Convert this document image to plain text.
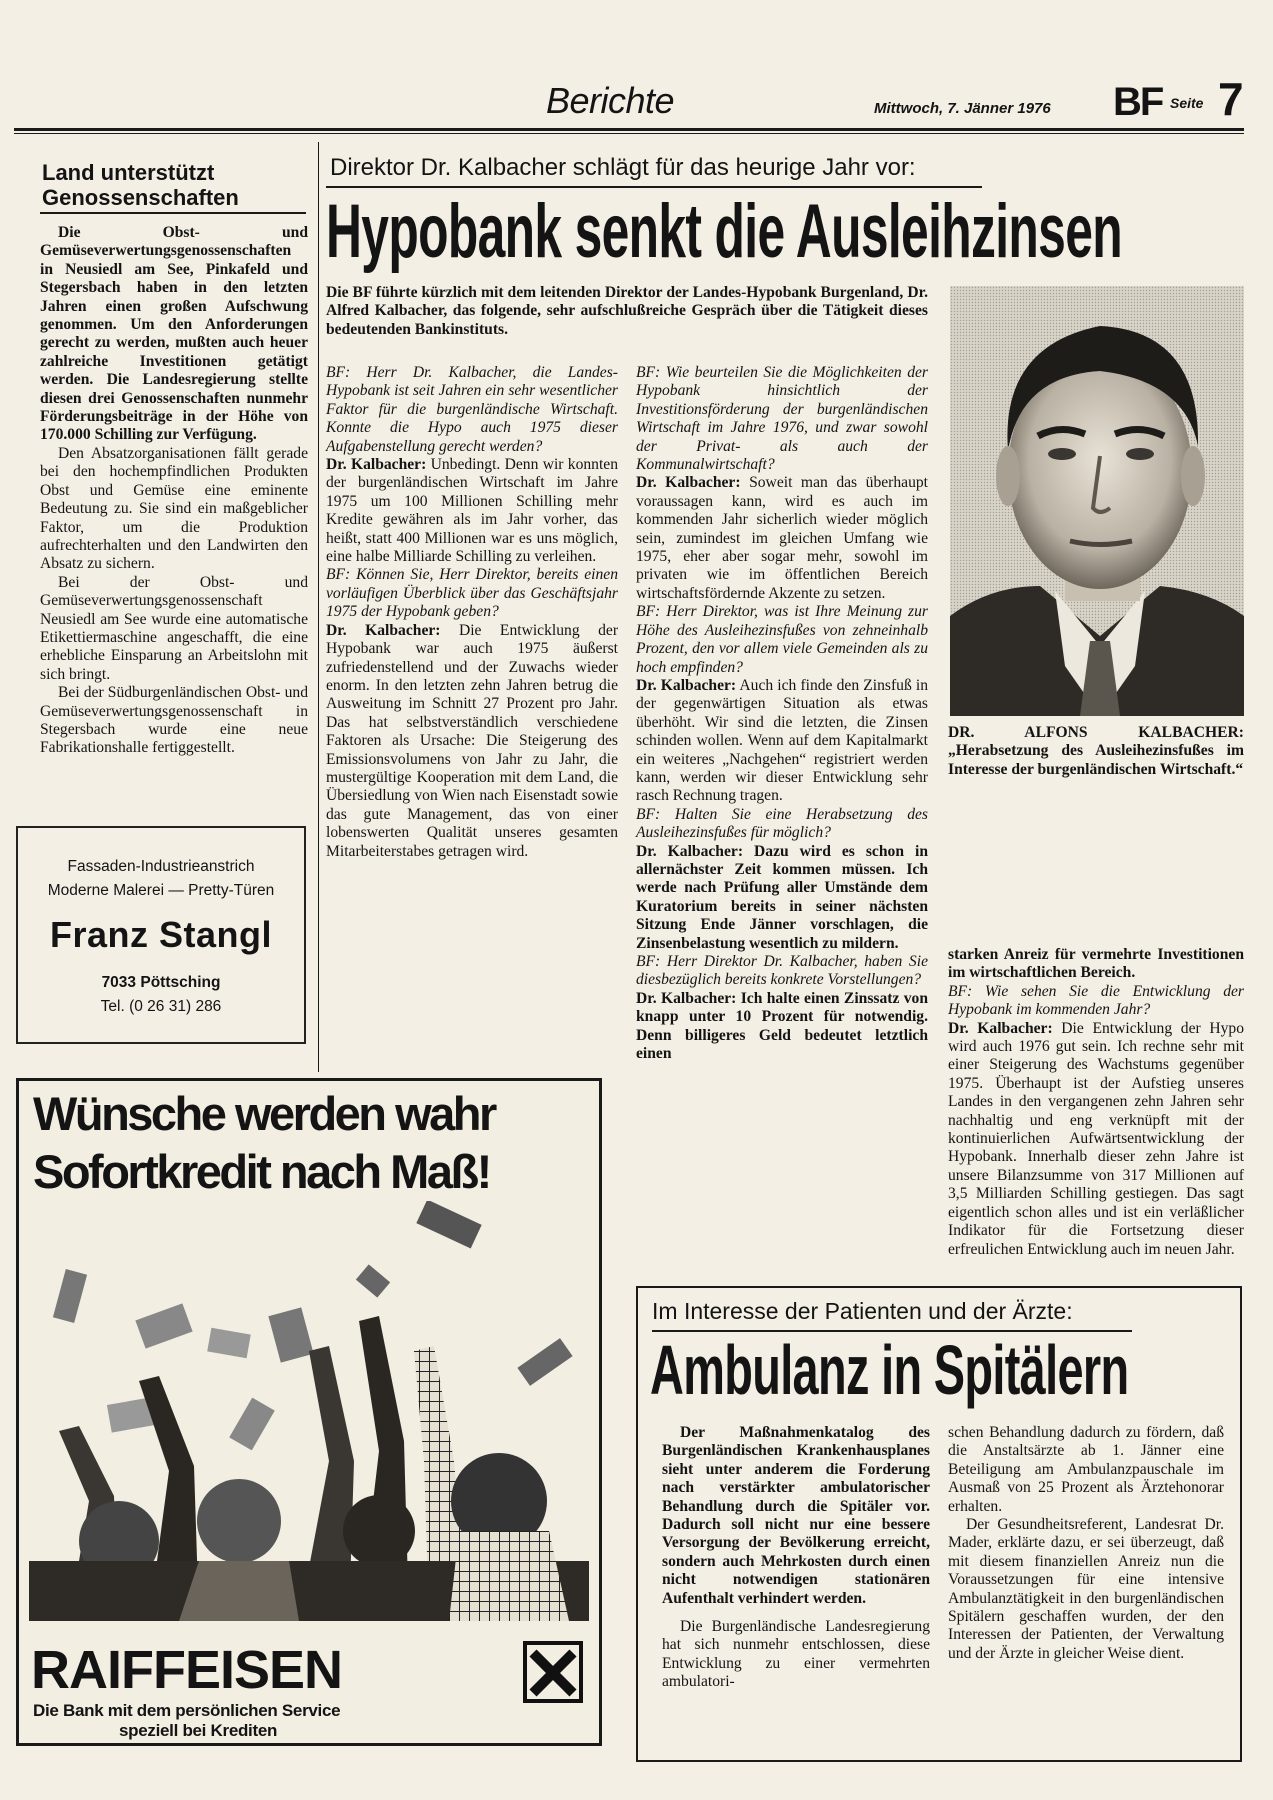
Berichte	Mittwoch, 7. Jänner 1976 BF Seite 7
Land unterstützt
Genossenschaften

Die Obst- und Gemüseverwertungsgenossenschaften in Neusiedl am See, Pinkafeld und Stegersbach haben in den letzten Jahren einen großen Aufschwung genommen. Um den Anforderungen gerecht zu werden, mußten auch heuer zahlreiche Investitionen getätigt werden. Die Landesregierung stellte diesen drei Genossenschaften nunmehr Förderungsbeiträge in der Höhe von 170.000 Schilling zur Verfügung.

Den Absatzorganisationen fällt gerade bei den hochempfindlichen Produkten Obst und Gemüse eine eminente Bedeutung zu. Sie sind ein maßgeblicher Faktor, um die Produktion aufrechterhalten und den Landwirten den Absatz zu sichern.

Bei der Obst- und Gemüseverwertungsgenossenschaft Neusiedl am See wurde eine automatische Etikettiermaschine angeschafft, die eine erhebliche Einsparung an Arbeitslohn mit sich bringt.

Bei der Südburgenländischen Obst- und Gemüseverwertungsgenossenschaft in Stegersbach wurde eine neue Fabrikationshalle fertiggestellt.

Fassaden-Industrieanstrich
Moderne Malerei — Pretty-Türen
Franz Stangl
7033 Pöttsching
Tel. (0 26 31) 286
Direktor Dr. Kalbacher schlägt für das heurige Jahr vor:
Hypobank senkt die Ausleihzinsen
Die BF führte kürzlich mit dem leitenden Direktor der Landes-Hypobank Burgenland, Dr. Alfred Kalbacher, das folgende, sehr aufschlußreiche Gespräch über die Tätigkeit dieses bedeutenden Bankinstituts.

BF: Herr Dr. Kalbacher, die Landes-Hypobank ist seit Jahren ein sehr wesentlicher Faktor für die burgenländische Wirtschaft. Konnte die Hypo auch 1975 dieser Aufgabenstellung gerecht werden?

Dr. Kalbacher: Unbedingt. Denn wir konnten der burgenländischen Wirtschaft im Jahre 1975 um 100 Millionen Schilling mehr Kredite gewähren als im Jahr vorher, das heißt, statt 400 Millionen war es uns möglich, eine halbe Milliarde Schilling zu verleihen.

BF: Können Sie, Herr Direktor, bereits einen vorläufigen Überblick über das Geschäftsjahr 1975 der Hypobank geben?

Dr. Kalbacher: Die Entwicklung der Hypobank war auch 1975 äußerst zufriedenstellend und der Zuwachs wieder enorm. In den letzten zehn Jahren betrug die Ausweitung im Schnitt 27 Prozent pro Jahr. Das hat selbstverständlich verschiedene Faktoren als Ursache: Die Steigerung des Emissionsvolumens von Jahr zu Jahr, die mustergültige Kooperation mit dem Land, die Übersiedlung von Wien nach Eisenstadt sowie das gute Management, das von einer lobenswerten Qualität unseres gesamten Mitarbeiterstabes getragen wird.

BF: Wie beurteilen Sie die Möglichkeiten der Hypobank hinsichtlich der Investitionsförderung der burgenländischen Wirtschaft im Jahre 1976, und zwar sowohl der Privat- als auch der Kommunalwirtschaft?

Dr. Kalbacher: Soweit man das überhaupt voraussagen kann, wird es auch im kommenden Jahr sicherlich wieder möglich sein, zumindest im gleichen Umfang wie 1975, eher aber sogar mehr, sowohl im privaten wie im öffentlichen Bereich wirtschaftsfördernde Akzente zu setzen.

BF: Herr Direktor, was ist Ihre Meinung zur Höhe des Ausleihezinsfußes von zehneinhalb Prozent, den vor allem viele Gemeinden als zu hoch empfinden?

Dr. Kalbacher: Auch ich finde den Zinsfuß in der gegenwärtigen Situation als etwas überhöht. Wir sind die letzten, die Zinsen schinden wollen. Wenn auf dem Kapitalmarkt ein weiteres „Nachgehen“ registriert werden kann, werden wir dieser Entwicklung sehr rasch Rechnung tragen.

BF: Halten Sie eine Herabsetzung des Ausleihezinsfußes für möglich?

Dr. Kalbacher: Dazu wird es schon in allernächster Zeit kommen müssen. Ich werde nach Prüfung aller Umstände dem Kuratorium bereits in seiner nächsten Sitzung Ende Jänner vorschlagen, die Zinsenbelastung wesentlich zu mildern.

BF: Herr Direktor Dr. Kalbacher, haben Sie diesbezüglich bereits konkrete Vorstellungen?

Dr. Kalbacher: Ich halte einen Zinssatz von knapp unter 10 Prozent für notwendig. Denn billigeres Geld bedeutet letztlich einen

DR. ALFONS KALBACHER:
„Herabsetzung des Ausleihezinsfußes im Interesse der burgenländischen Wirtschaft.“

starken Anreiz für vermehrte Investitionen im wirtschaftlichen Bereich.

BF: Wie sehen Sie die Entwicklung der Hypobank im kommenden Jahr?

Dr. Kalbacher: Die Entwicklung der Hypo wird auch 1976 gut sein. Ich rechne sehr mit einer Steigerung des Wachstums gegenüber 1975. Überhaupt ist der Aufstieg unseres Landes in den vergangenen zehn Jahren sehr nachhaltig und eng verknüpft mit der kontinuierlichen Aufwärtsentwicklung der Hypobank. Innerhalb dieser zehn Jahre ist unsere Bilanzsumme von 317 Millionen auf 3,5 Milliarden Schilling gestiegen. Das sagt eigentlich schon alles und ist ein verläßlicher Indikator für die Fortsetzung dieser erfreulichen Entwicklung auch im neuen Jahr.

Wünsche werden wahr
Sofortkredit nach Maß!
RAIFFEISEN
Die Bank mit dem persönlichen Service
speziell bei Krediten
Im Interesse der Patienten und der Ärzte:
Ambulanz in Spitälern

Der Maßnahmenkatalog des Burgenländischen Krankenhausplanes sieht unter anderem die Forderung nach verstärkter ambulatorischer Behandlung durch die Spitäler vor. Dadurch soll nicht nur eine bessere Versorgung der Bevölkerung erreicht, sondern auch Mehrkosten durch einen nicht notwendigen stationären Aufenthalt verhindert werden.

Die Burgenländische Landesregierung hat sich nunmehr entschlossen, diese Entwicklung zu einer vermehrten ambulatori-

schen Behandlung dadurch zu fördern, daß die Anstaltsärzte ab 1. Jänner eine Beteiligung am Ambulanzpauschale im Ausmaß von 25 Prozent als Ärztehonorar erhalten.

Der Gesundheitsreferent, Landesrat Dr. Mader, erklärte dazu, er sei überzeugt, daß mit diesem finanziellen Anreiz nun die Voraussetzungen für eine intensive Ambulanztätigkeit in den burgenländischen Spitälern geschaffen wurden, der den Interessen der Patienten, der Verwaltung und der Ärzte in gleicher Weise dient.
